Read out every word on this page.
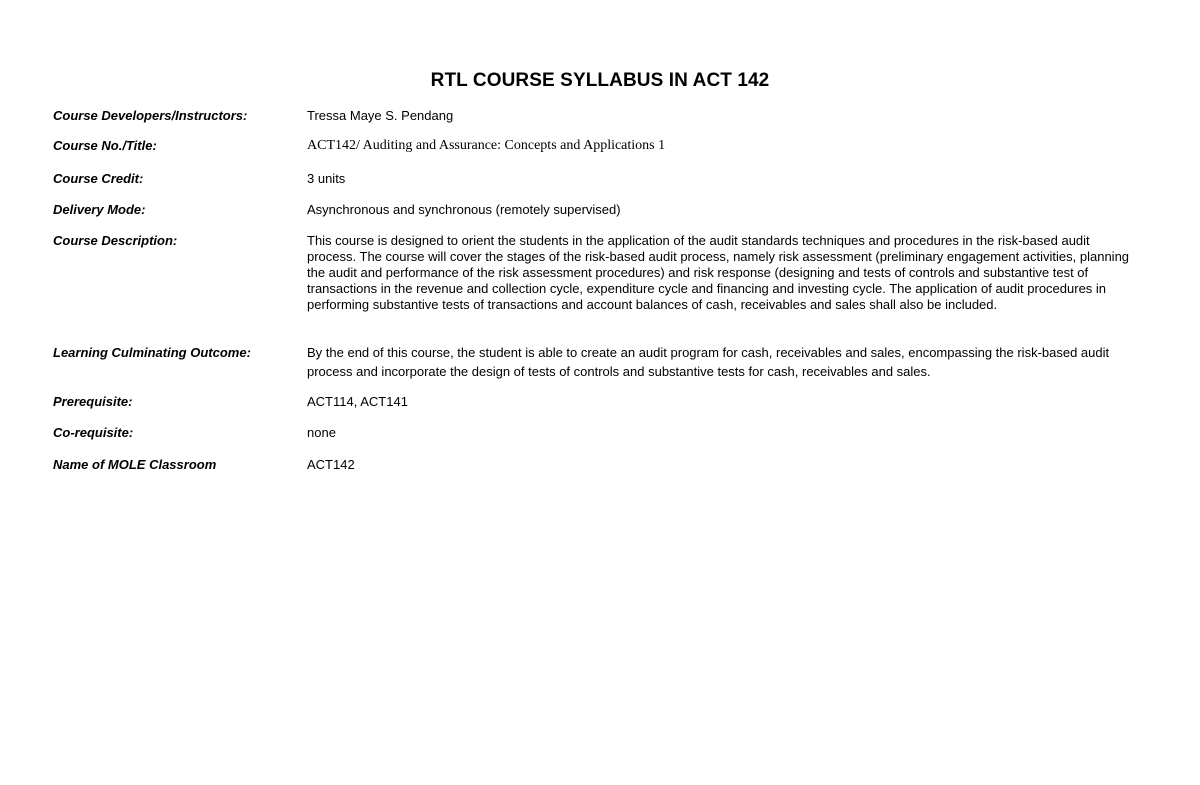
RTL COURSE SYLLABUS IN ACT 142
Course Developers/Instructors:	Tressa Maye S. Pendang
Course No./Title:	ACT142/ Auditing and Assurance: Concepts and Applications 1
Course Credit:	3 units
Delivery Mode:	Asynchronous and synchronous (remotely supervised)
Course Description:	This course is designed to orient the students in the application of the audit standards techniques and procedures in the risk-based audit process. The course will cover the stages of the risk-based audit process, namely risk assessment (preliminary engagement activities, planning the audit and performance of the risk assessment procedures) and risk response (designing and tests of controls and substantive test of transactions in the revenue and collection cycle, expenditure cycle and financing and investing cycle. The application of audit procedures in performing substantive tests of transactions and account balances of cash, receivables and sales shall also be included.
Learning Culminating Outcome:	By the end of this course, the student is able to create an audit program for cash, receivables and sales, encompassing the risk-based audit process and incorporate the design of tests of controls and substantive tests for cash, receivables and sales.
Prerequisite:	ACT114, ACT141
Co-requisite:	none
Name of MOLE Classroom	ACT142
